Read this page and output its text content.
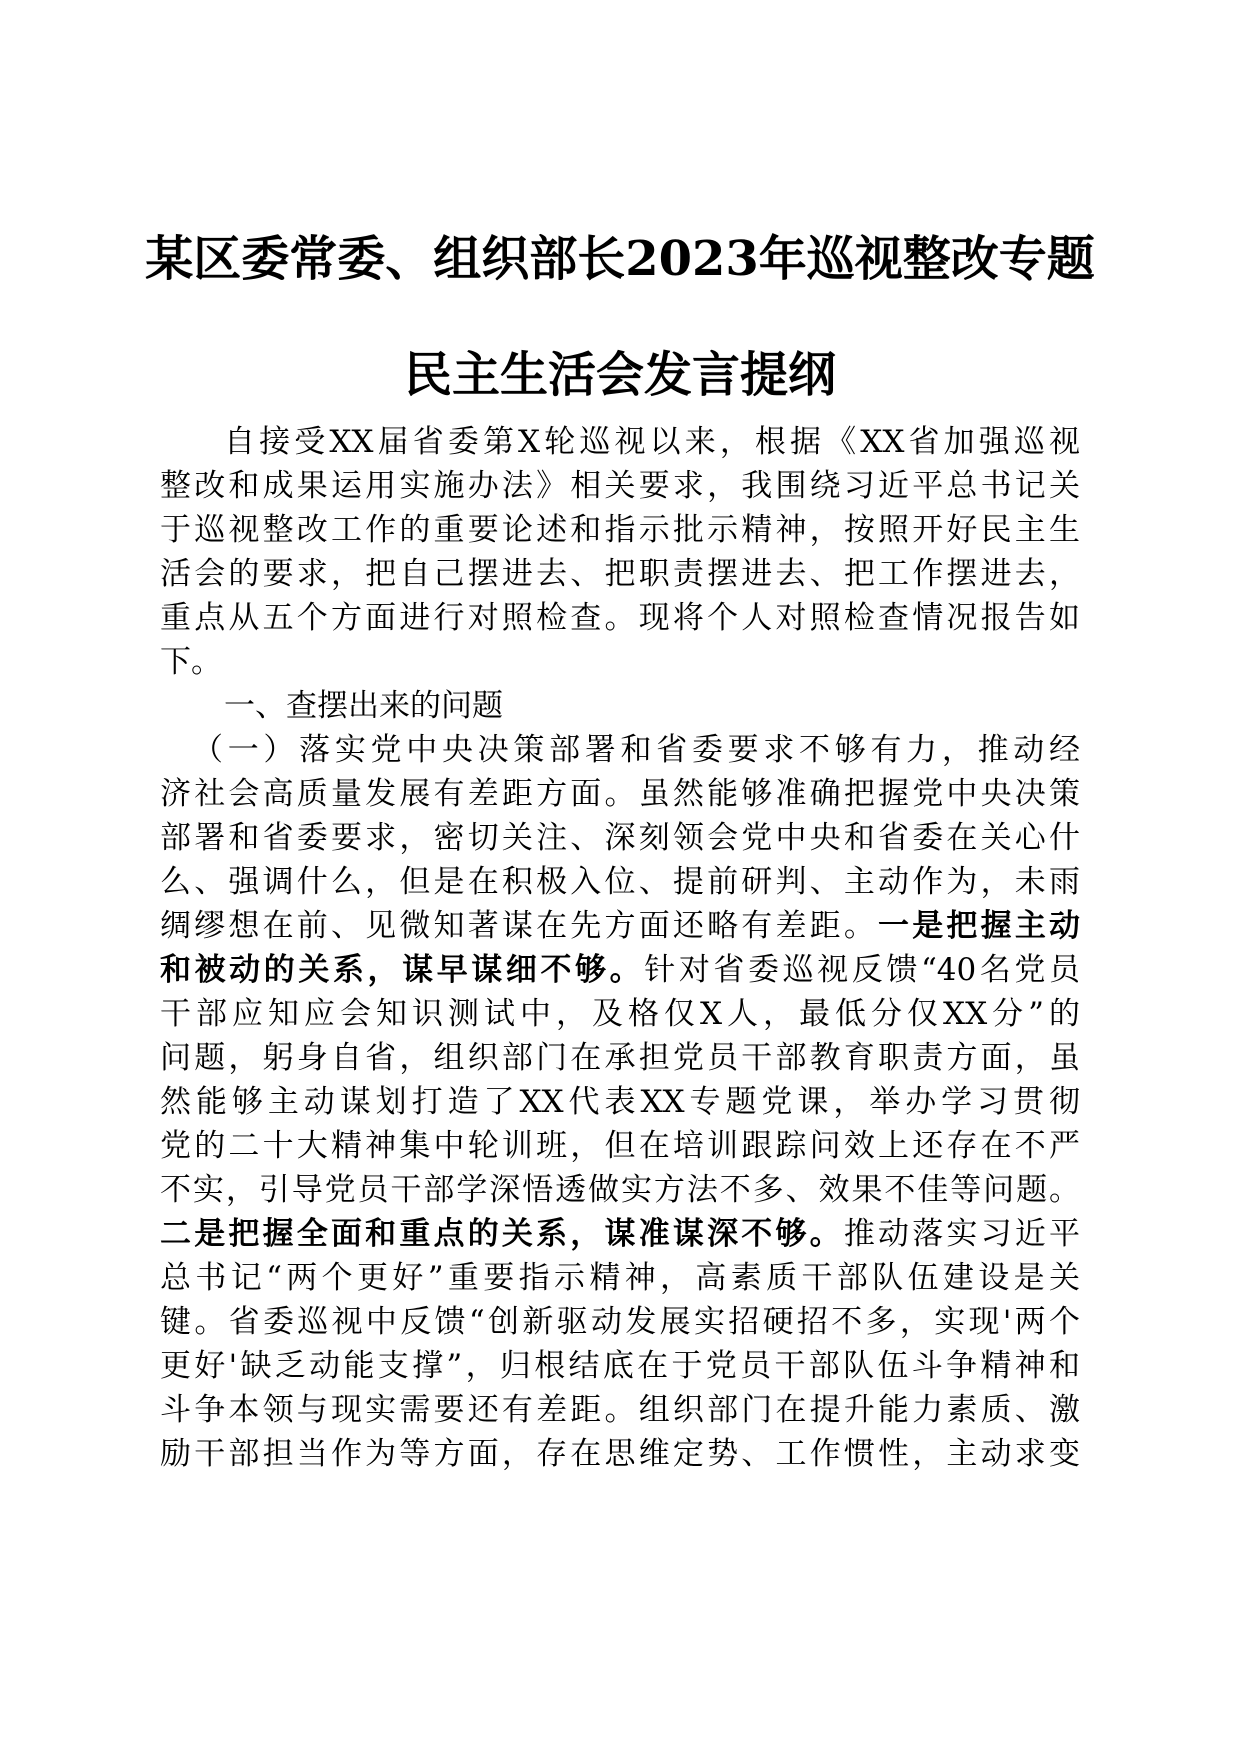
某区委常委、组织部长2023年巡视整改专题
民主生活会发言提纲
自接受XX届省委第X轮巡视以来，根据《XX省加强巡视
整改和成果运用实施办法》相关要求，我围绕习近平总书记关
于巡视整改工作的重要论述和指示批示精神，按照开好民主生
活会的要求，把自己摆进去、把职责摆进去、把工作摆进去，
重点从五个方面进行对照检查。现将个人对照检查情况报告如
下。
一、查摆出来的问题
（一）落实党中央决策部署和省委要求不够有力，推动经
济社会高质量发展有差距方面。虽然能够准确把握党中央决策
部署和省委要求，密切关注、深刻领会党中央和省委在关心什
么、强调什么，但是在积极入位、提前研判、主动作为，未雨
绸缪想在前、见微知著谋在先方面还略有差距。一是把握主动
和被动的关系，谋早谋细不够。针对省委巡视反馈“40名党员
干部应知应会知识测试中，及格仅X人，最低分仅XX分”的
问题，躬身自省，组织部门在承担党员干部教育职责方面，虽
然能够主动谋划打造了XX代表XX专题党课，举办学习贯彻
党的二十大精神集中轮训班，但在培训跟踪问效上还存在不严
不实，引导党员干部学深悟透做实方法不多、效果不佳等问题。
二是把握全面和重点的关系，谋准谋深不够。推动落实习近平
总书记“两个更好”重要指示精神，高素质干部队伍建设是关
键。省委巡视中反馈“创新驱动发展实招硬招不多，实现'两个
更好'缺乏动能支撑”，归根结底在于党员干部队伍斗争精神和
斗争本领与现实需要还有差距。组织部门在提升能力素质、激
励干部担当作为等方面，存在思维定势、工作惯性，主动求变
